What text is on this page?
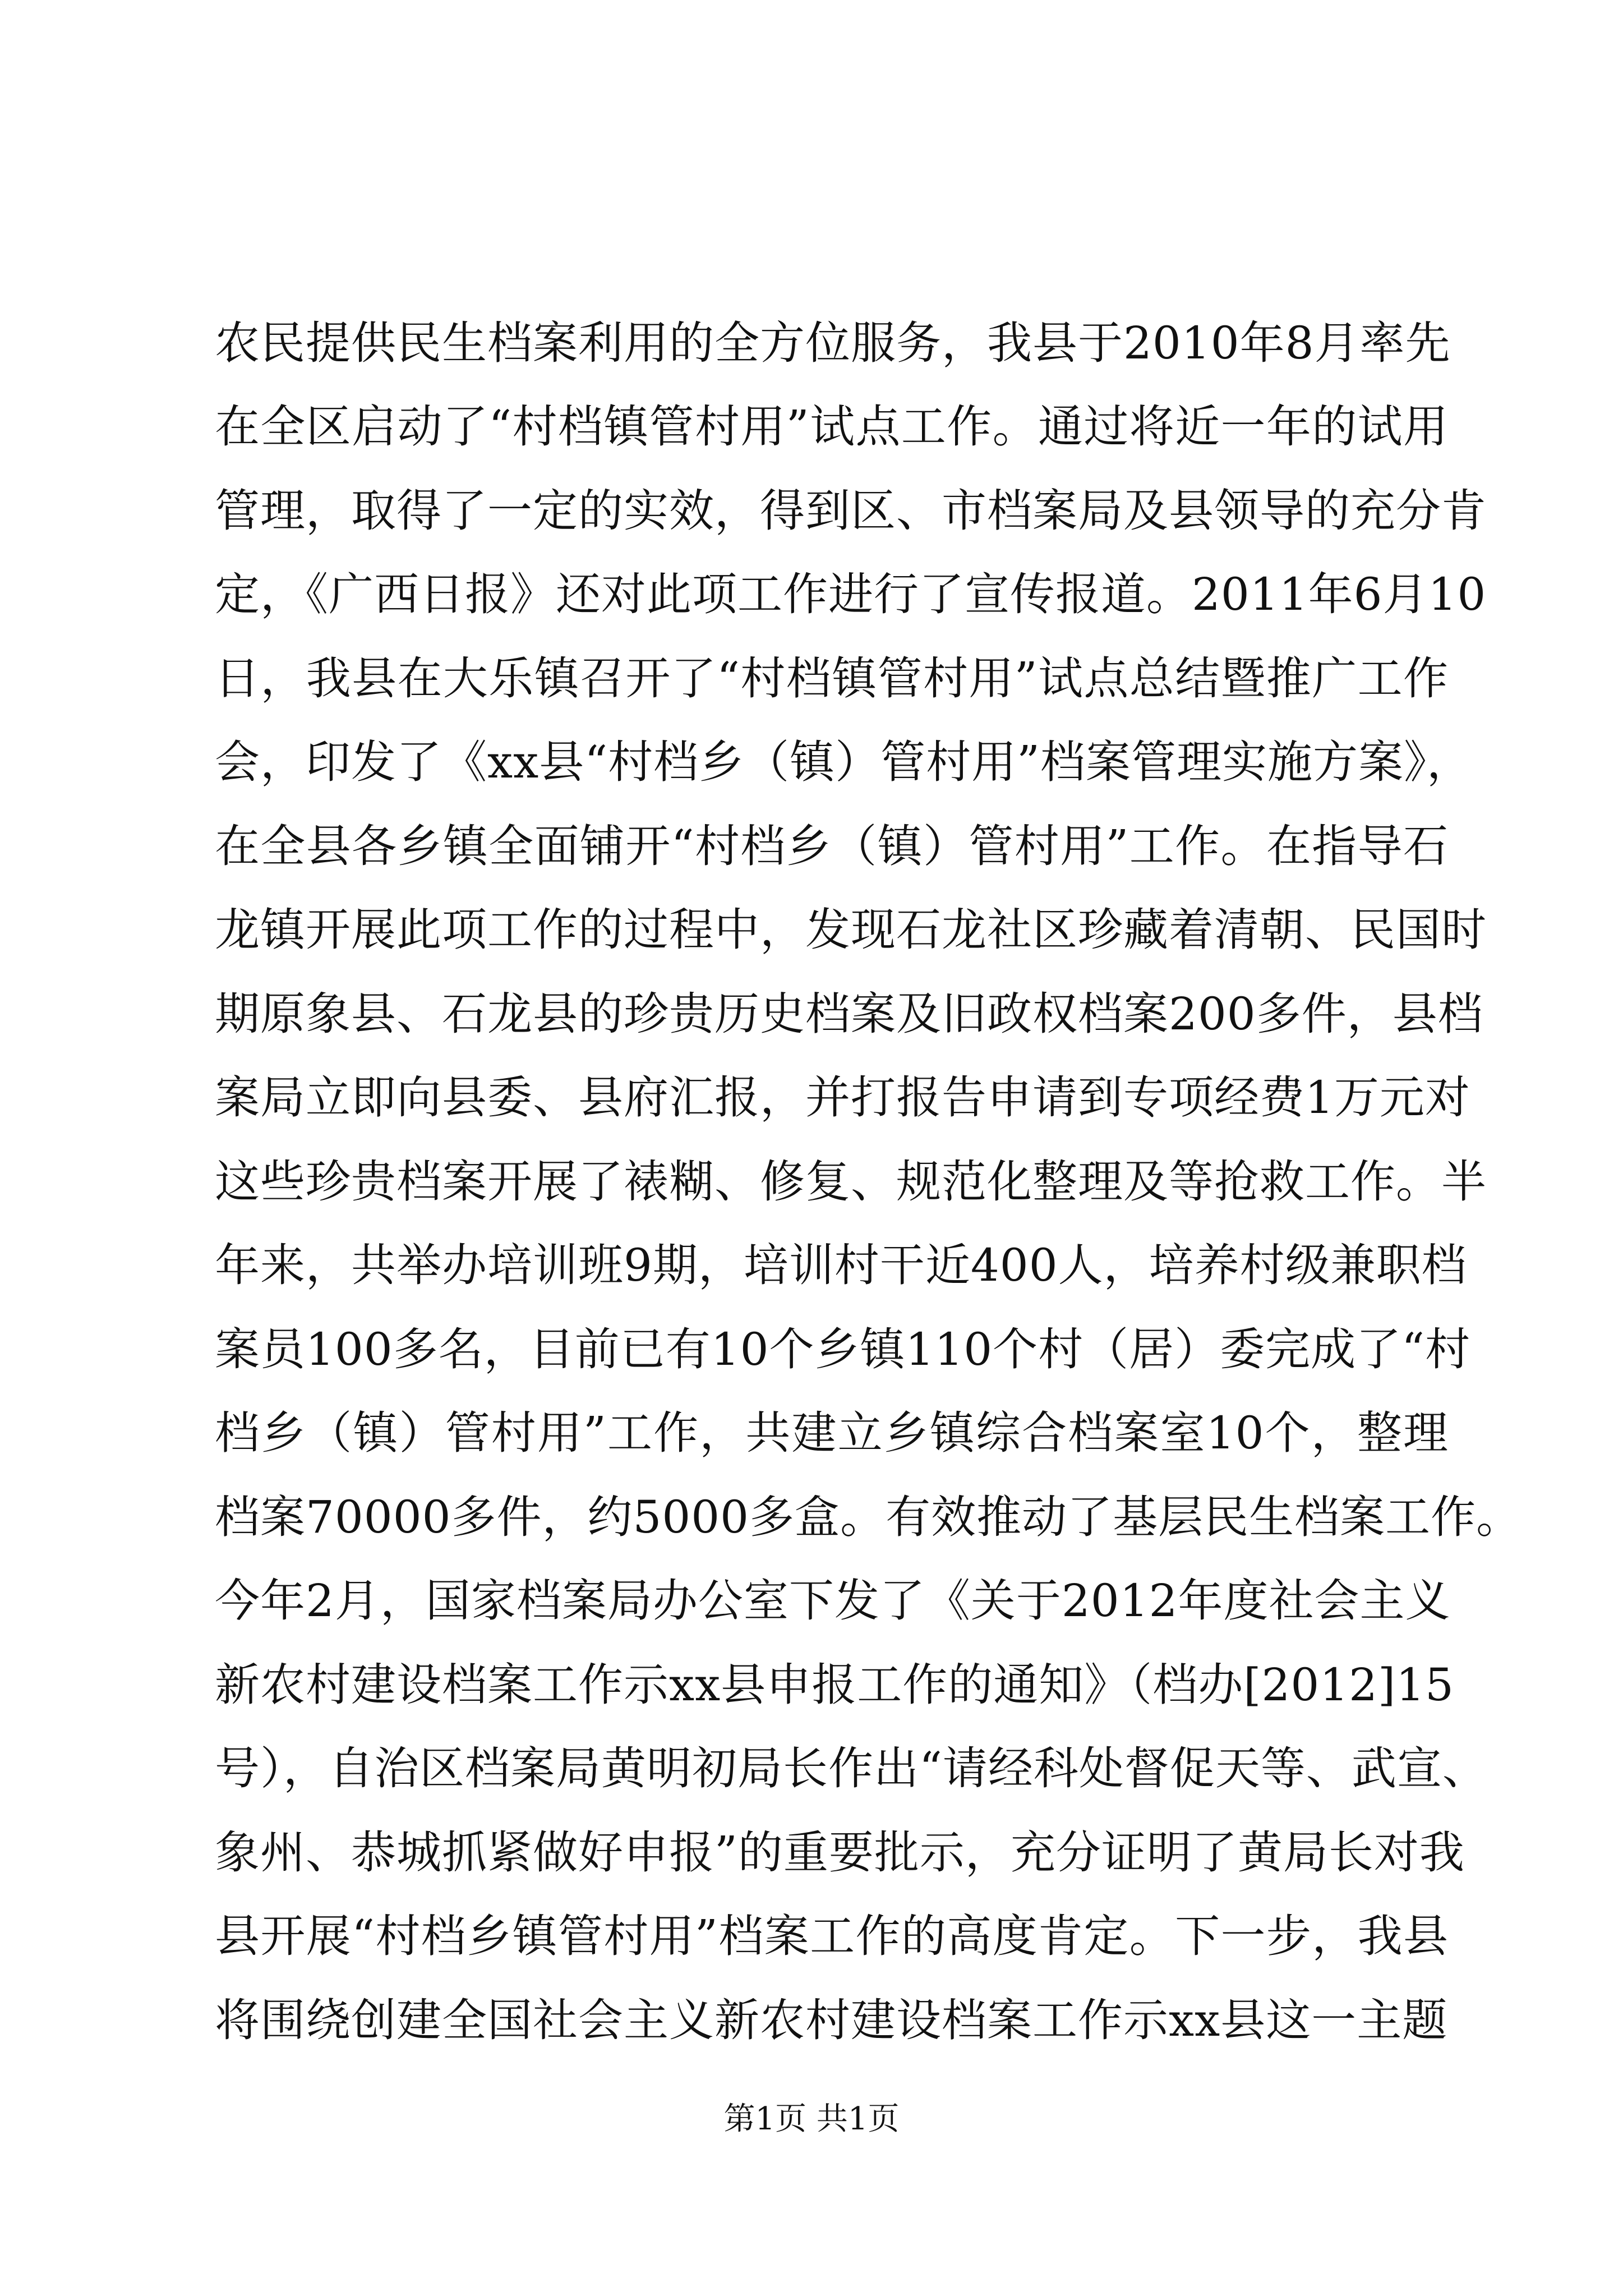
农民提供民生档案利用的全方位服务，我县于2010年8月率先
在全区启动了“村档镇管村用”试点工作。通过将近一年的试用
管理，取得了一定的实效，得到区、市档案局及县领导的充分肯
定，《广西日报》还对此项工作进行了宣传报道。2011年6月10
日，我县在大乐镇召开了“村档镇管村用”试点总结暨推广工作
会，印发了《xx县“村档乡（镇）管村用”档案管理实施方案》，
在全县各乡镇全面铺开“村档乡（镇）管村用”工作。在指导石
龙镇开展此项工作的过程中，发现石龙社区珍藏着清朝、民国时
期原象县、石龙县的珍贵历史档案及旧政权档案200多件，县档
案局立即向县委、县府汇报，并打报告申请到专项经费1万元对
这些珍贵档案开展了裱糊、修复、规范化整理及等抢救工作。半
年来，共举办培训班9期，培训村干近400人，培养村级兼职档
案员100多名，目前已有10个乡镇110个村（居）委完成了“村
档乡（镇）管村用”工作，共建立乡镇综合档案室10个，整理
档案70000多件，约5000多盒。有效推动了基层民生档案工作。
今年2月，国家档案局办公室下发了《关于2012年度社会主义
新农村建设档案工作示xx县申报工作的通知》（档办[2012]15
号），自治区档案局黄明初局长作出“请经科处督促天等、武宣、
象州、恭城抓紧做好申报”的重要批示，充分证明了黄局长对我
县开展“村档乡镇管村用”档案工作的高度肯定。下一步，我县
将围绕创建全国社会主义新农村建设档案工作示xx县这一主题
第1页 共1页
